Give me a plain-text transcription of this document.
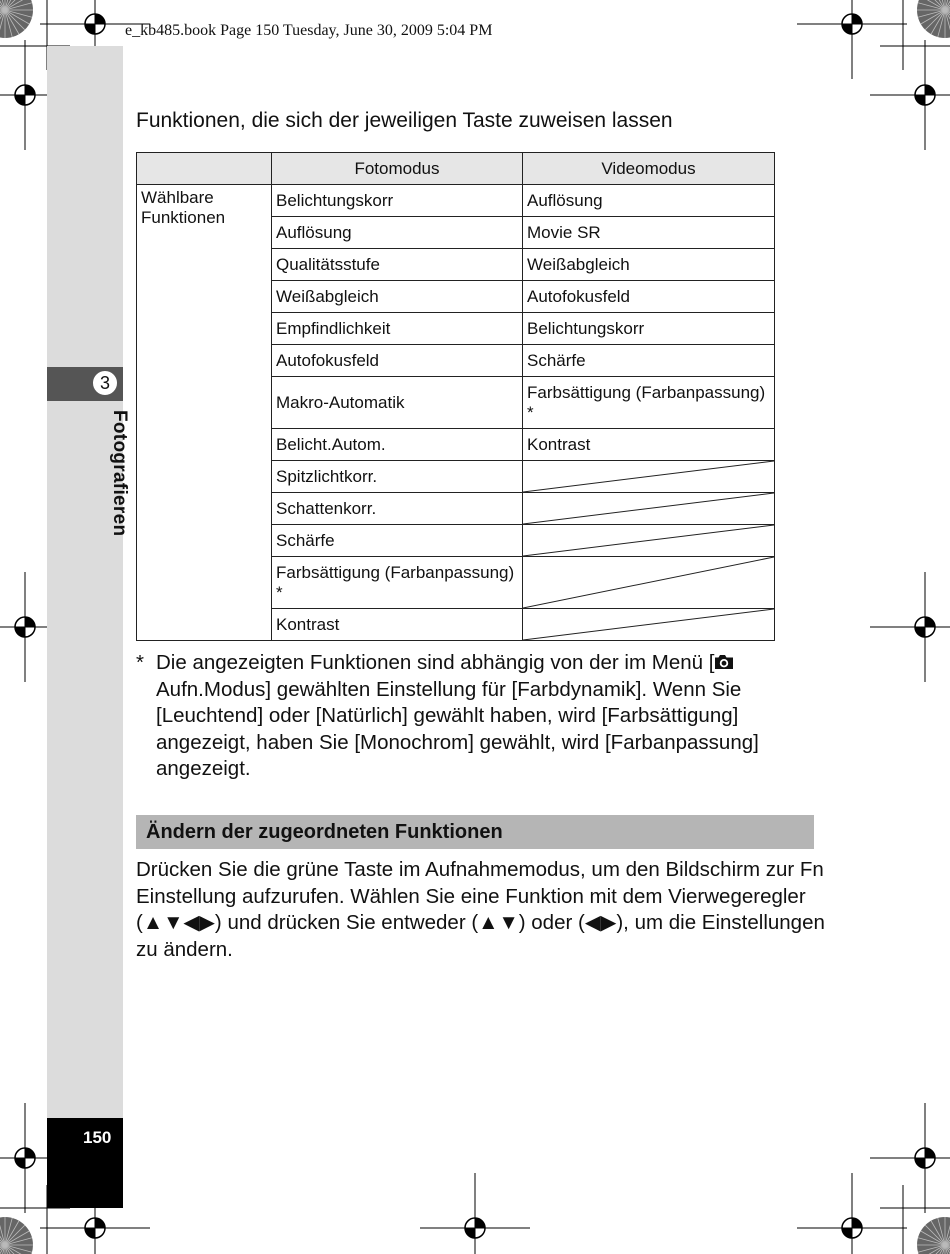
e_kb485.book Page 150 Tuesday, June 30, 2009 5:04 PM
3
Fotografieren
150
Funktionen, die sich der jeweiligen Taste zuweisen lassen
	Fotomodus	Videomodus
Wählbare Funktionen	Belichtungskorr	Auflösung
	Auflösung	Movie SR
	Qualitätsstufe	Weißabgleich
	Weißabgleich	Autofokusfeld
	Empfindlichkeit	Belichtungskorr
	Autofokusfeld	Schärfe
	Makro-Automatik	Farbsättigung (Farbanpassung) *
	Belicht.Autom.	Kontrast
	Spitzlichtkorr.	

	Schattenkorr.	

	Schärfe	

	Farbsättigung (Farbanpassung) *	

	Kontrast	
* Die angezeigten Funktionen sind abhängig von der im Menü [ Aufn.Modus] gewählten Einstellung für [Farbdynamik]. Wenn Sie [Leuchtend] oder [Natürlich] gewählt haben, wird [Farbsättigung] angezeigt, haben Sie [Monochrom] gewählt, wird [Farbanpassung] angezeigt.
Ändern der zugeordneten Funktionen
Drücken Sie die grüne Taste im Aufnahmemodus, um den Bildschirm zur Fn Einstellung aufzurufen. Wählen Sie eine Funktion mit dem Vierwegeregler (▲▼◀▶) und drücken Sie entweder (▲▼) oder (◀▶), um die Einstellungen zu ändern.
